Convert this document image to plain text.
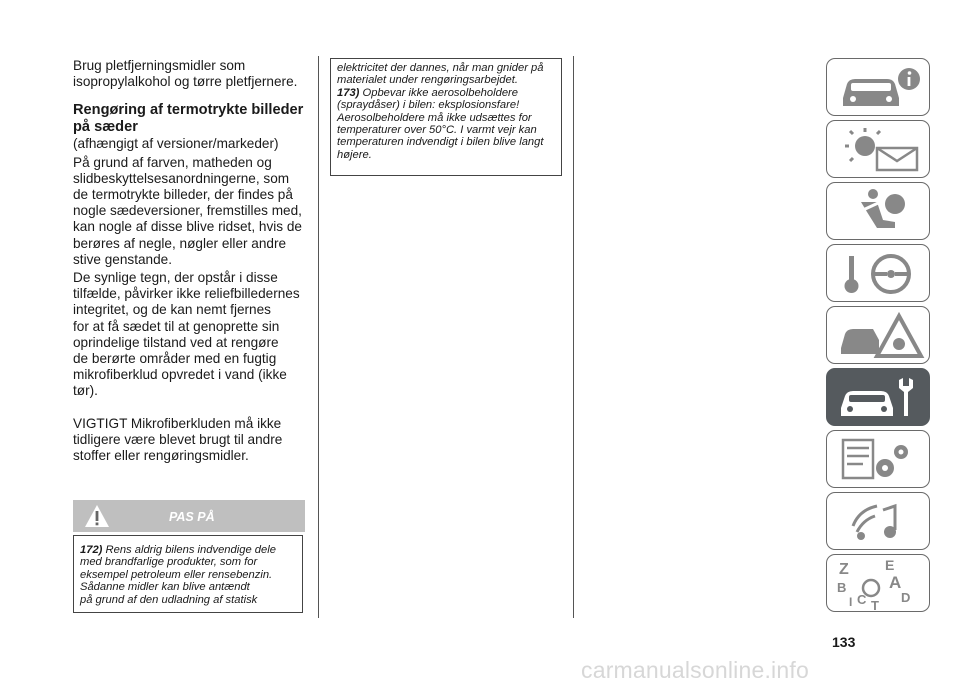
Brug pletfjerningsmidler som

isopropylalkohol og tørre pletfjernere.

Rengøring af termotrykte billeder

på sæder

(afhængigt af versioner/markeder)

På grund af farven, matheden og

slidbeskyttelsesanordningerne, som

de termotrykte billeder, der findes på

nogle sædeversioner, fremstilles med,

kan nogle af disse blive ridset, hvis de

berøres af negle, nøgler eller andre

stive genstande.

De synlige tegn, der opstår i disse

tilfælde, påvirker ikke reliefbilledernes

integritet, og de kan nemt fjernes

for at få sædet til at genoprette sin

oprindelige tilstand ved at rengøre

de berørte områder med en fugtig

mikrofiberklud opvredet i vand (ikke

tør).

VIGTIGT Mikrofiberkluden må ikke

tidligere være blevet brugt til andre

stoffer eller rengøringsmidler.

PAS PÅ
172) Rens aldrig bilens indvendige dele
med brandfarlige produkter, som for
eksempel petroleum eller rensebenzin.
Sådanne midler kan blive antændt
på grund af den udladning af statisk
elektricitet der dannes, når man gnider på
materialet under rengøringsarbejdet.
173) Opbevar ikke aerosolbeholdere
(spraydåser) i bilen: eksplosionsfare!
Aerosolbeholdere må ikke udsættes for
temperaturer over 50°C. I varmt vejr kan
temperaturen indvendigt i bilen blive langt
højere.
Z	E
B	A
C	D
I T
133
carmanualsonline.info
